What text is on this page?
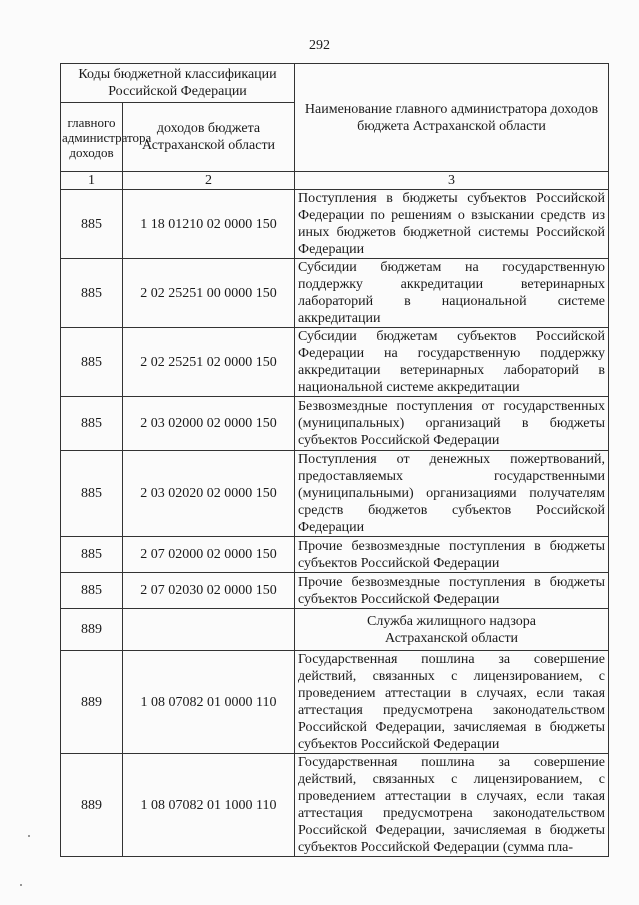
292
Коды бюджетной классификации Российской Федерации		Наименование главного администратора доходов бюджета Астраханской области
главного администратора доходов	доходов бюджета Астраханской области	
1	2	3
885	1 18 01210 02 0000 150	Поступления в бюджеты субъектов Российской Федерации по решениям о взыскании средств из иных бюджетов бюджетной системы Российской Федерации
885	2 02 25251 00 0000 150	Субсидии бюджетам на государственную поддержку аккредитации ветеринарных лабораторий в национальной системе аккредитации
885	2 02 25251 02 0000 150	Субсидии бюджетам субъектов Российской Федерации на государственную поддержку аккредитации ветеринарных лабораторий в национальной системе аккредитации
885	2 03 02000 02 0000 150	Безвозмездные поступления от государственных (муниципальных) организаций в бюджеты субъектов Российской Федерации
885	2 03 02020 02 0000 150	Поступления от денежных пожертвований, предоставляемых государственными (муниципальными) организациями получателям средств бюджетов субъектов Российской Федерации
885	2 07 02000 02 0000 150	Прочие безвозмездные поступления в бюджеты субъектов Российской Федерации
885	2 07 02030 02 0000 150	Прочие безвозмездные поступления в бюджеты субъектов Российской Федерации
889		Служба жилищного надзора Астраханской области
889	1 08 07082 01 0000 110	Государственная пошлина за совершение действий, связанных с лицензированием, с проведением аттестации в случаях, если такая аттестация предусмотрена законодательством Российской Федерации, зачисляемая в бюджеты субъектов Российской Федерации
889	1 08 07082 01 1000 110	Государственная пошлина за совершение действий, связанных с лицензированием, с проведением аттестации в случаях, если такая аттестация предусмотрена законодательством Российской Федерации, зачисляемая в бюджеты субъектов Российской Федерации (сумма пла-
